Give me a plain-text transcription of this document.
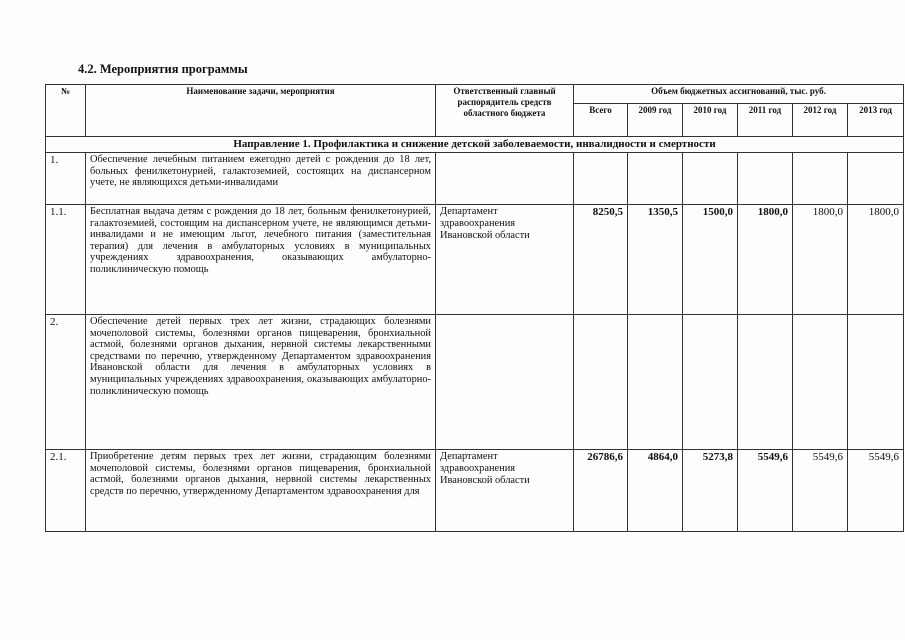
4.2. Мероприятия программы
№	Наименование задачи, мероприятия	Ответственный главный распорядитель средств областного бюджета	Объем бюджетных ассигнований, тыс. руб.					
			Всего	2009 год	2010 год	2011 год	2012 год	2013 год
Направление 1. Профилактика и снижение детской заболеваемости, инвалидности и смертности								
1.	Обеспечение лечебным питанием ежегодно детей с рождения до 18 лет, больных фенилкетонурией, галактоземией, состоящих на диспансерном учете, не являющихся детьми-инвалидами							
1.1.	Бесплатная выдача детям с рождения до 18 лет, больным фенилкетонурией, галактоземией, состоящим на диспансерном учете, не являющимся детьми-инвалидами и не имеющим льгот, лечебного питания (заместительная терапия) для лечения в амбулаторных условиях в муниципальных учреждениях здравоохранения, оказывающих амбулаторно-поликлиническую помощь	Департамент здравоохранения Ивановской области	8250,5	1350,5	1500,0	1800,0	1800,0	1800,0
2.	Обеспечение детей первых трех лет жизни, страдающих болезнями мочеполовой системы, болезнями органов пищеварения, бронхиальной астмой, болезнями органов дыхания, нервной системы лекарственными средствами по перечню, утвержденному Департаментом здравоохранения Ивановской области для лечения в амбулаторных условиях в муниципальных учреждениях здравоохранения, оказывающих амбулаторно-поликлиническую помощь							
2.1.	Приобретение детям первых трех лет жизни, страдающим болезнями мочеполовой системы, болезнями органов пищеварения, бронхиальной астмой, болезнями органов дыхания, нервной системы лекарственных средств по перечню, утвержденному Департаментом здравоохранения для	Департамент здравоохранения Ивановской области	26786,6	4864,0	5273,8	5549,6	5549,6	5549,6
